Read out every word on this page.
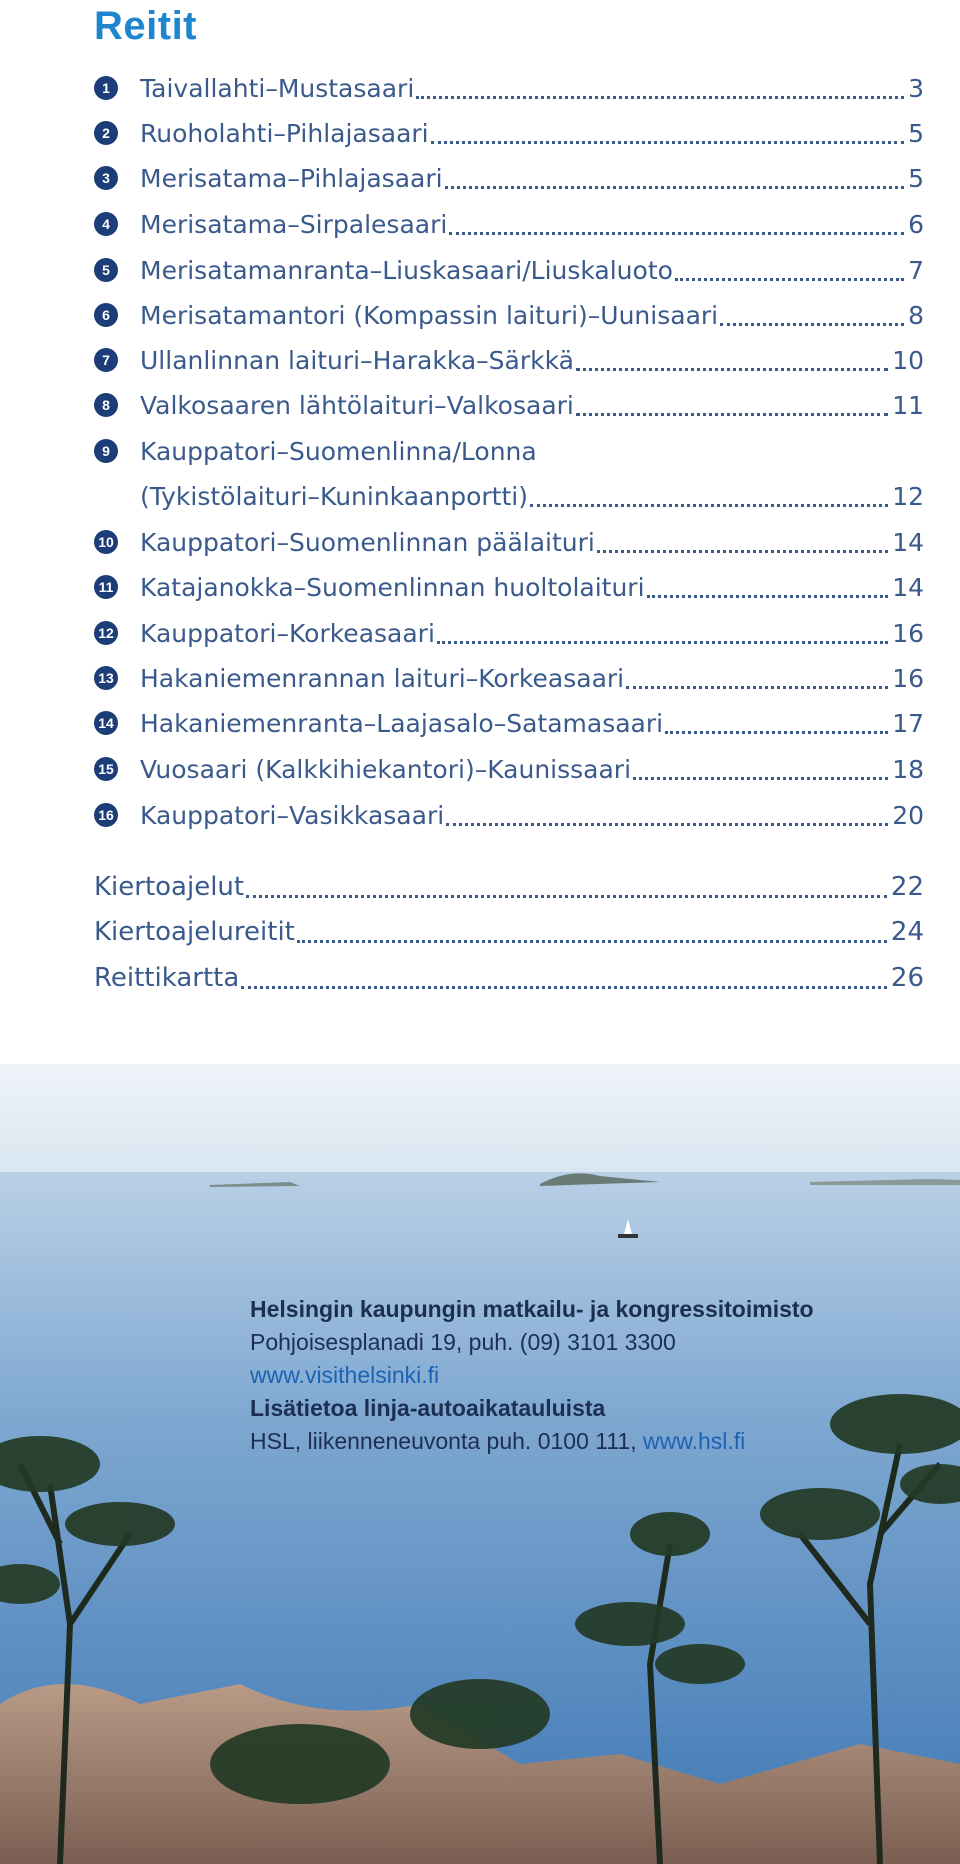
Reitit
1	Taivallahti–Mustasaari	3
2	Ruoholahti–Pihlajasaari	5
3	Merisatama–Pihlajasaari	5
4	Merisatama–Sirpalesaari	6
5	Merisatamanranta–Liuskasaari/Liuskaluoto	7
6	Merisatamantori (Kompassin laituri)–Uunisaari	8
7	Ullanlinnan laituri–Harakka–Särkkä	10
8	Valkosaaren lähtölaituri–Valkosaari	11
9	Kauppatori–Suomenlinna/Lonna
(Tykistölaituri–Kuninkaanportti)	12
10 Kauppatori–Suomenlinnan päälaituri	14
11 Katajanokka–Suomenlinnan huoltolaituri	14
12 Kauppatori–Korkeasaari	16
13 Hakaniemenrannan laituri–Korkeasaari	16
14 Hakaniemenranta–Laajasalo–Satamasaari	17
15 Vuosaari (Kalkkihiekantori)–Kaunissaari	18
16 Kauppatori–Vasikkasaari	20
Kiertoajelut	22
Kiertoajelureitit	24
Reittikartta	26
Helsingin kaupungin matkailu- ja kongressitoimisto
Pohjoisesplanadi 19, puh. (09) 3101 3300
www.visithelsinki.fi
Lisätietoa linja-autoaikatauluista
HSL, liikenneneuvonta puh. 0100 111, www.hsl.fi
